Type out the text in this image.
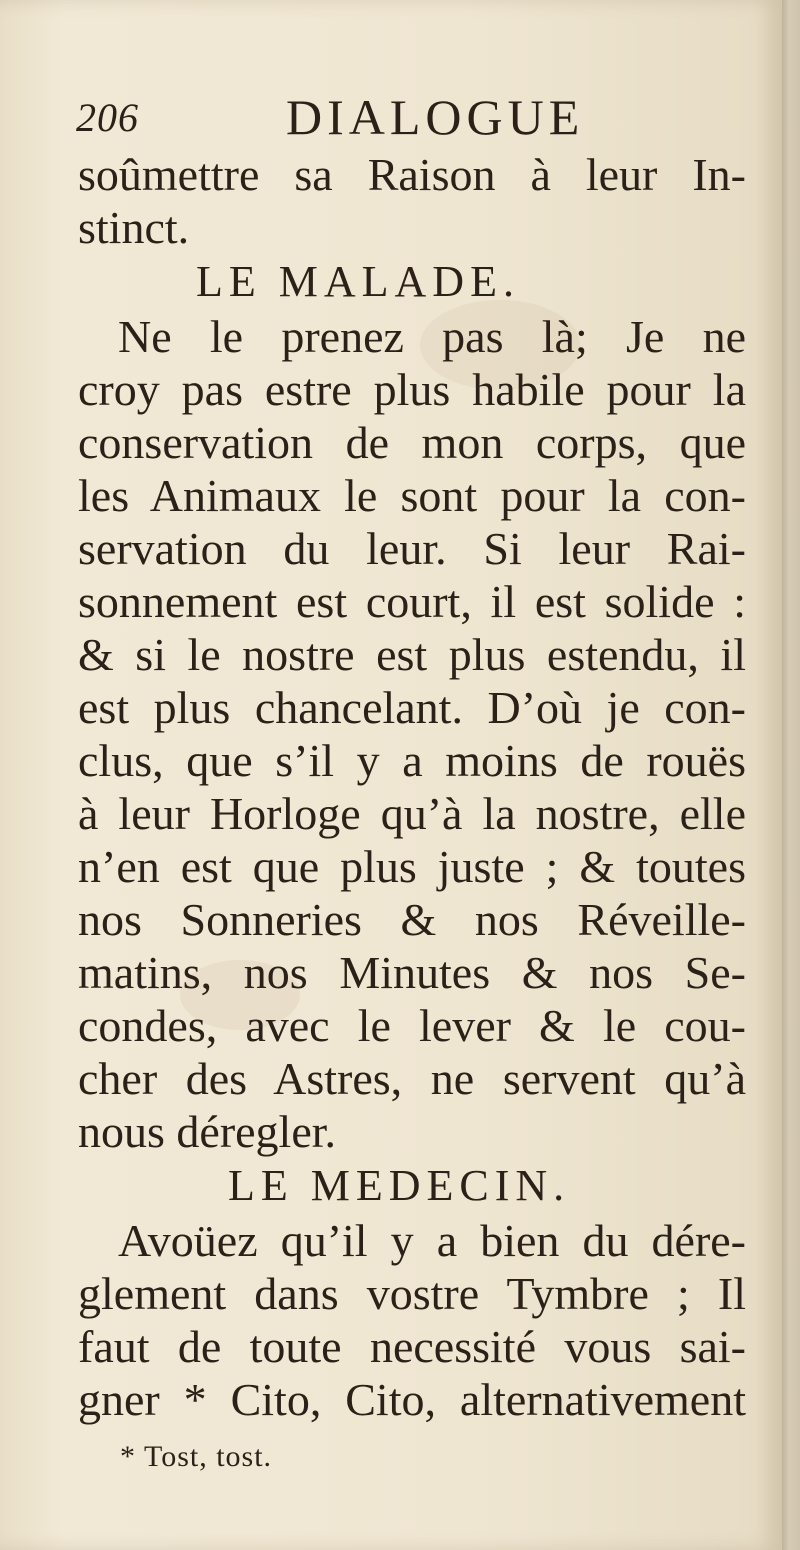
206	DIALOGUE
soûmettre sa Raison à leur In-
stinct.
LE MALADE.
Ne le prenez pas là; Je ne
croy pas estre plus habile pour la
conservation de mon corps, que
les Animaux le sont pour la con-
servation du leur. Si leur Rai-
sonnement est court, il est solide :
& si le nostre est plus estendu, il
est plus chancelant. D’où je con-
clus, que s’il y a moins de rouës
à leur Horloge qu’à la nostre, elle
n’en est que plus juste ; & toutes
nos Sonneries & nos Réveille-
matins, nos Minutes & nos Se-
condes, avec le lever & le cou-
cher des Astres, ne servent qu’à
nous déregler.
LE MEDECIN.
Avoüez qu’il y a bien du dére-
glement dans vostre Tymbre ; Il
faut de toute necessité vous sai-
gner * Cito, Cito, alternativement
* Tost, tost.
